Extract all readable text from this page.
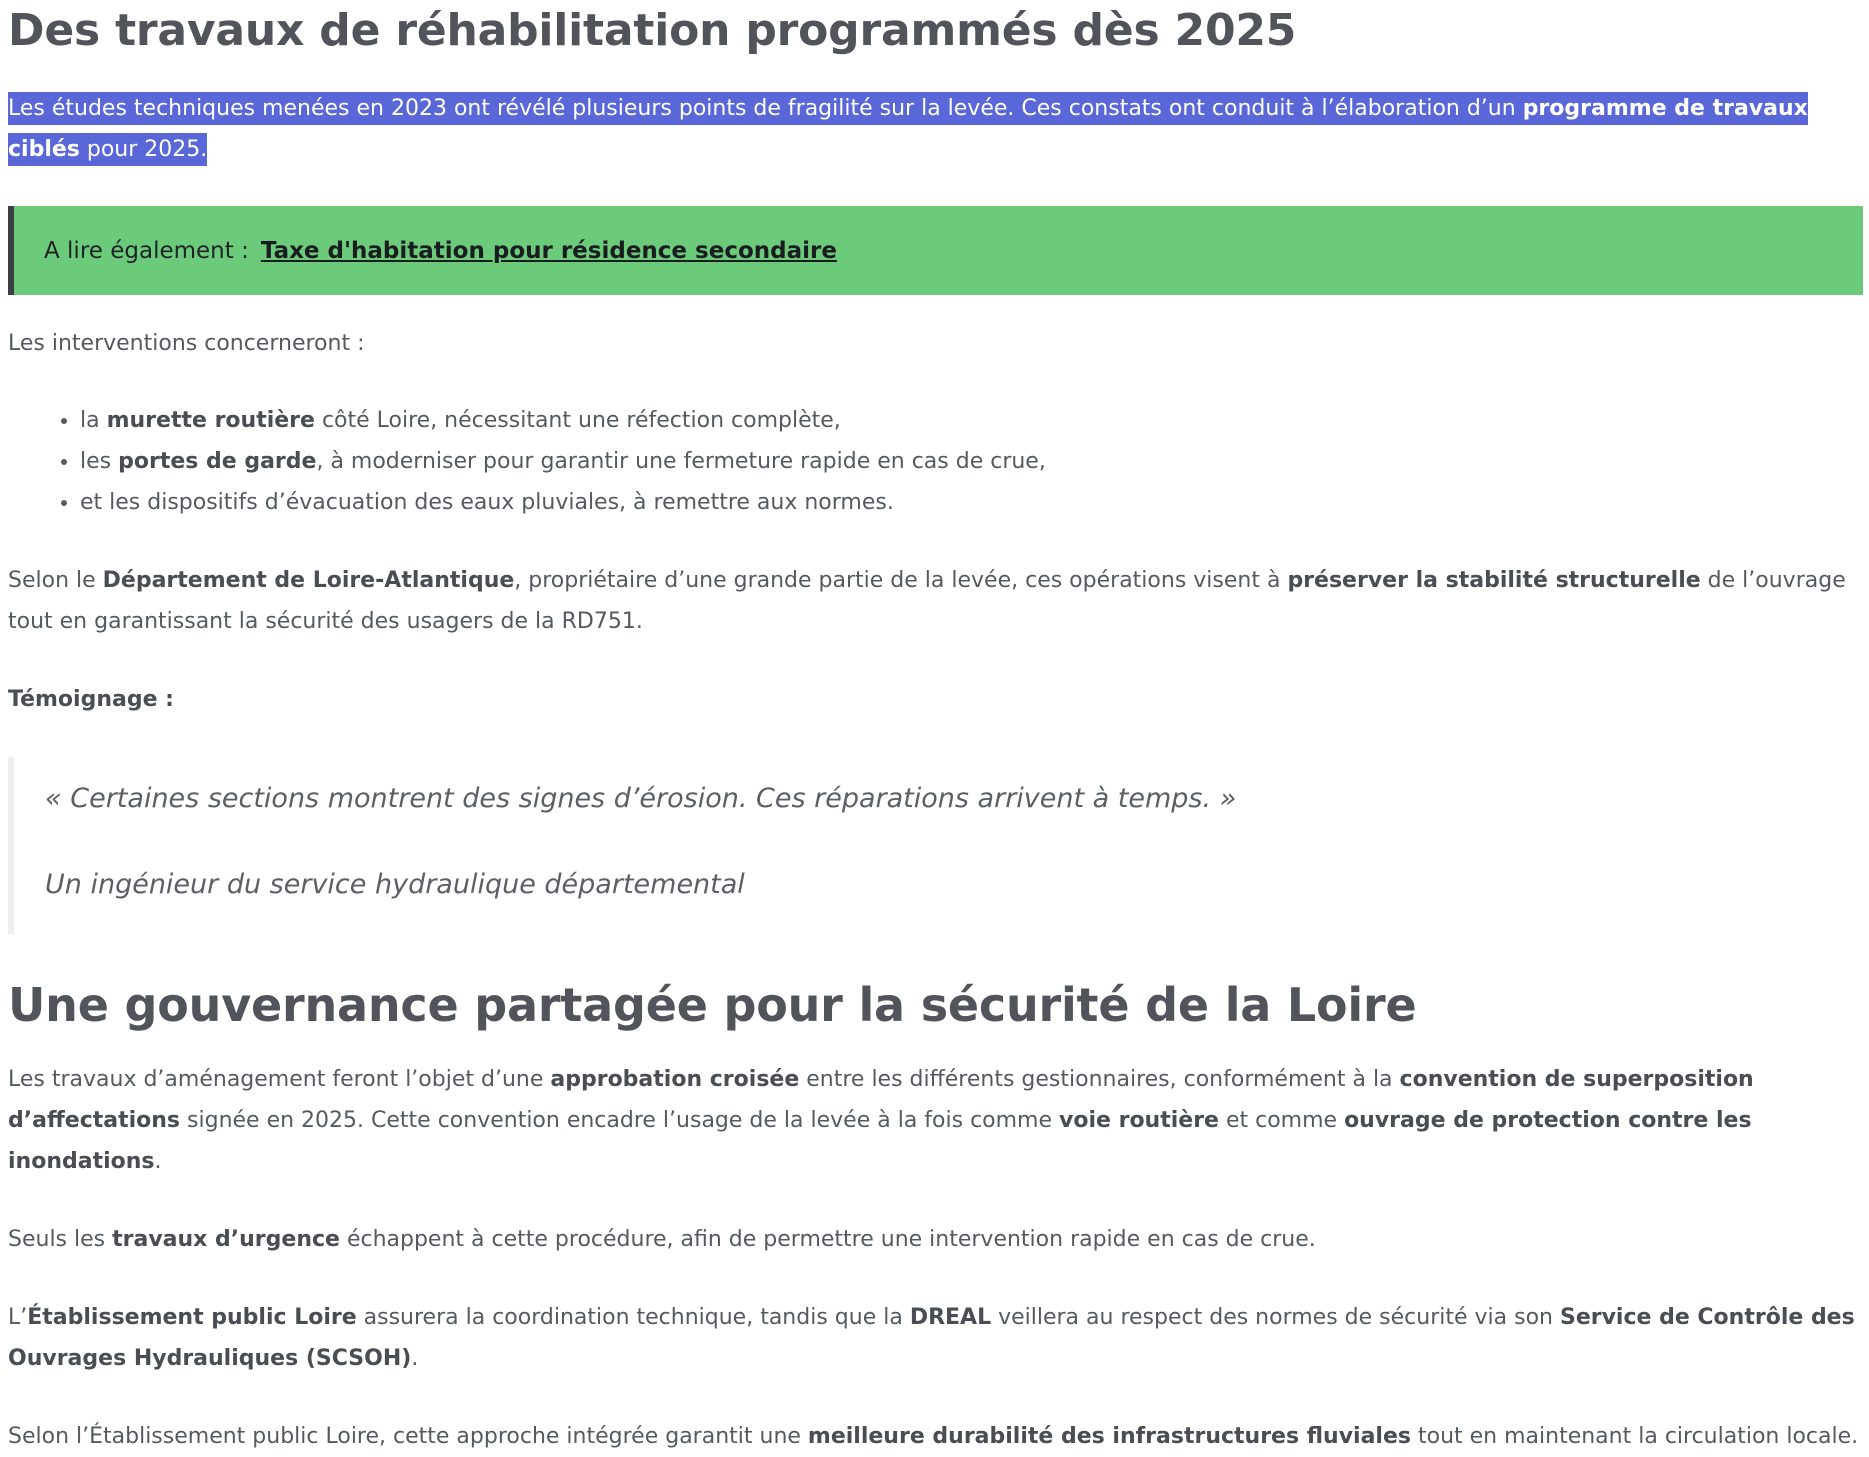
Des travaux de réhabilitation programmés dès 2025

Les études techniques menées en 2023 ont révélé plusieurs points de fragilité sur la levée. Ces constats ont conduit à l’élaboration d’un programme de travaux ciblés pour 2025.

A lire également : Taxe d'habitation pour résidence secondaire

Les interventions concerneront :

• la murette routière côté Loire, nécessitant une réfection complète,
• les portes de garde, à moderniser pour garantir une fermeture rapide en cas de crue,
• et les dispositifs d’évacuation des eaux pluviales, à remettre aux normes.

Selon le Département de Loire-Atlantique, propriétaire d’une grande partie de la levée, ces opérations visent à préserver la stabilité structurelle de l’ouvrage tout en garantissant la sécurité des usagers de la RD751.

Témoignage :

« Certaines sections montrent des signes d’érosion. Ces réparations arrivent à temps. »
Un ingénieur du service hydraulique départemental
Une gouvernance partagée pour la sécurité de la Loire

Les travaux d’aménagement feront l’objet d’une approbation croisée entre les différents gestionnaires, conformément à la convention de superposition d’affectations signée en 2025. Cette convention encadre l’usage de la levée à la fois comme voie routière et comme ouvrage de protection contre les inondations.

Seuls les travaux d’urgence échappent à cette procédure, afin de permettre une intervention rapide en cas de crue.

L’Établissement public Loire assurera la coordination technique, tandis que la DREAL veillera au respect des normes de sécurité via son Service de Contrôle des Ouvrages Hydrauliques (SCSOH).

Selon l’Établissement public Loire, cette approche intégrée garantit une meilleure durabilité des infrastructures fluviales tout en maintenant la circulation locale.
